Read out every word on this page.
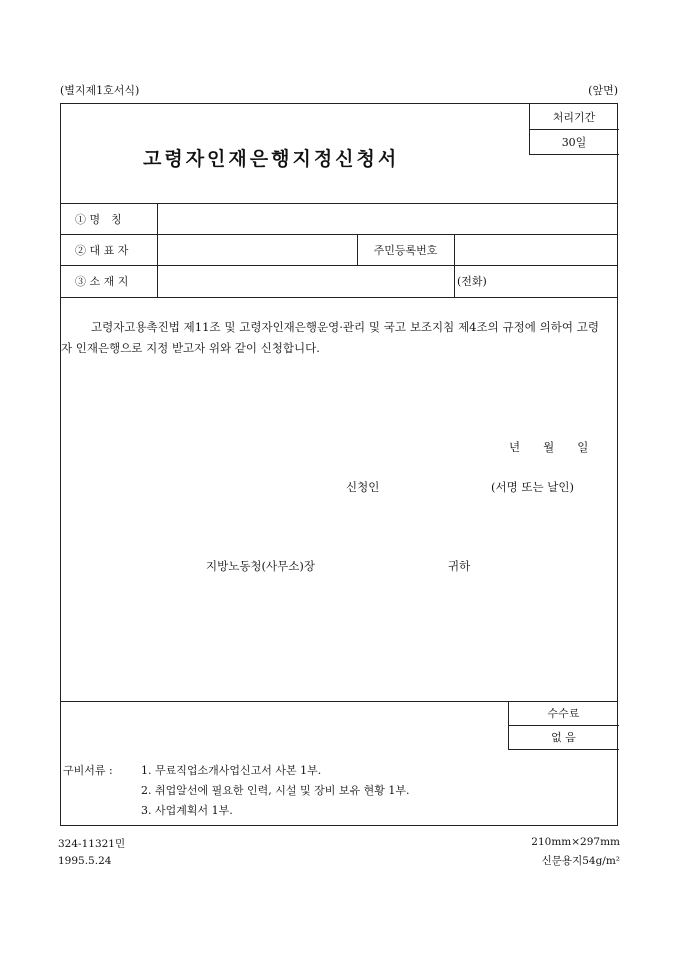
(별지제1호서식)	(앞면)
고령자인재은행지정신청서
처리기간
30일
① 명　칭
② 대 표 자	주민등록번호
③ 소 재 지	(전화)
고령자고용촉진법 제11조 및 고령자인재은행운영·관리 및 국고 보조지침 제4조의 규정에 의하여 고령자 인재은행으로 지정 받고자 위와 같이 신청합니다.
년　　월　　일
신청인	(서명 또는 날인)
지방노동청(사무소)장	귀하
수수료
없 음
구비서류 :	1. 무료직업소개사업신고서 사본 1부.
2. 취업알선에 필요한 인력, 시설 및 장비 보유 현황 1부.
3. 사업계획서 1부.
324-11321민
1995.5.24
210mm×297mm
신문용지54g/m²
